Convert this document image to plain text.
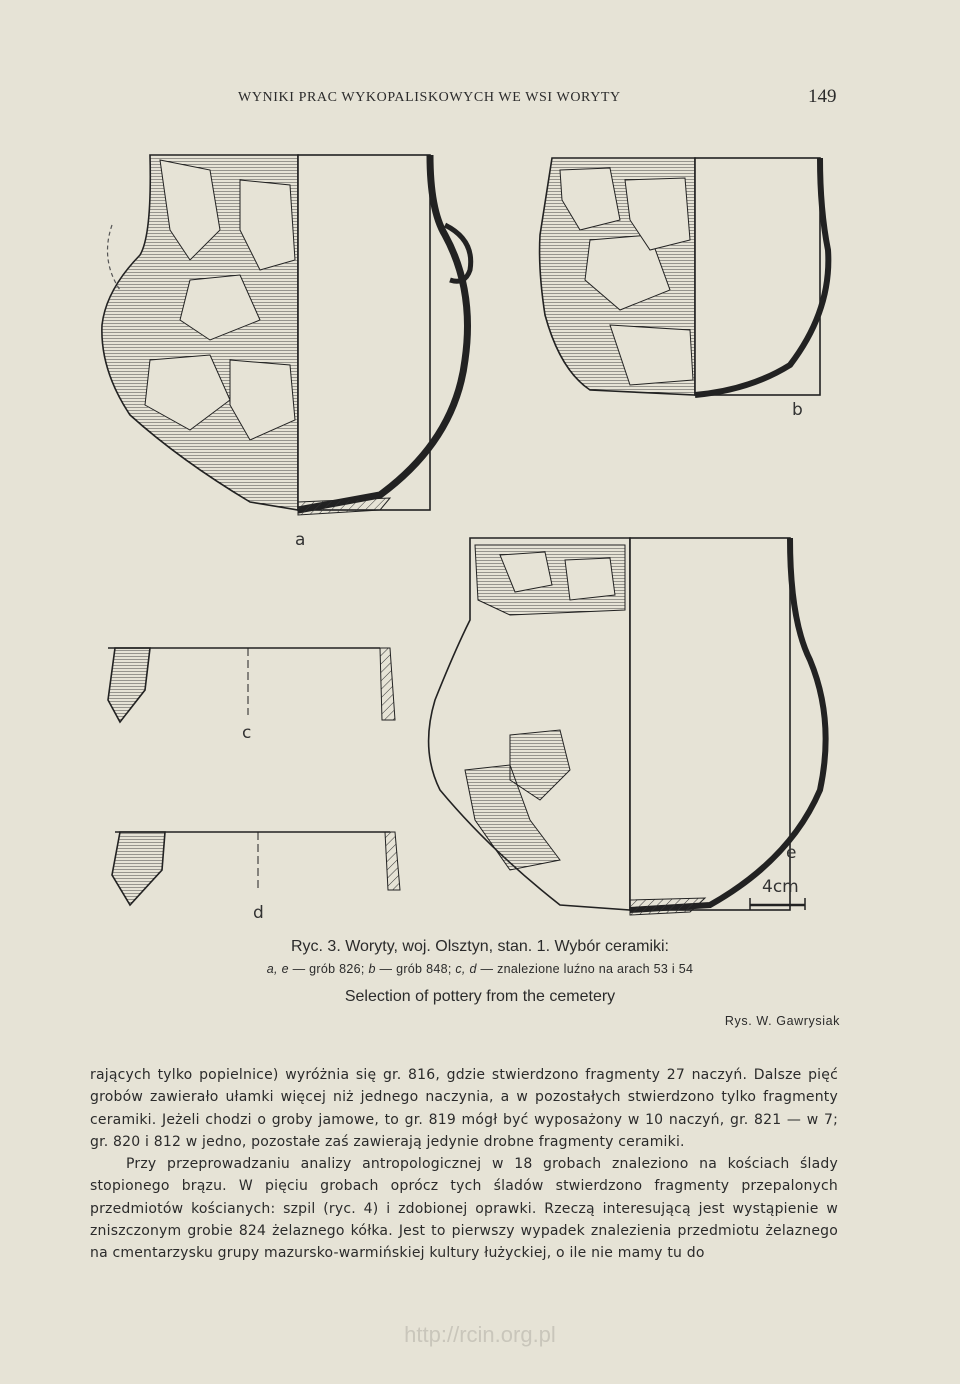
WYNIKI PRAC WYKOPALISKOWYCH WE WSI WORYTY	149
a
b
c
d
e
4cm
Ryc. 3. Woryty, woj. Olsztyn, stan. 1. Wybór ceramiki:
a, e — grób 826; b — grób 848; c, d — znalezione luźno na arach 53 i 54
Selection of pottery from the cemetery
Rys. W. Gawrysiak

rających tylko popielnice) wyróżnia się gr. 816, gdzie stwierdzono fragmenty 27 naczyń. Dalsze pięć grobów zawierało ułamki więcej niż jednego naczynia, a w pozostałych stwierdzono tylko fragmenty ceramiki. Jeżeli chodzi o groby jamowe, to gr. 819 mógł być wyposażony w 10 naczyń, gr. 821 — w 7; gr. 820 i 812 w jedno, pozostałe zaś zawierają jedynie drobne fragmenty ceramiki.

Przy przeprowadzaniu analizy antropologicznej w 18 grobach znaleziono na kościach ślady stopionego brązu. W pięciu grobach oprócz tych śladów stwierdzono fragmenty przepalonych przedmiotów kościanych: szpil (ryc. 4) i zdobionej oprawki. Rzeczą interesującą jest wystąpienie w zniszczonym grobie 824 żelaznego kółka. Jest to pierwszy wypadek znalezienia przedmiotu żelaznego na cmentarzysku grupy mazursko-warmińskiej kultury łużyckiej, o ile nie mamy tu do

http://rcin.org.pl
